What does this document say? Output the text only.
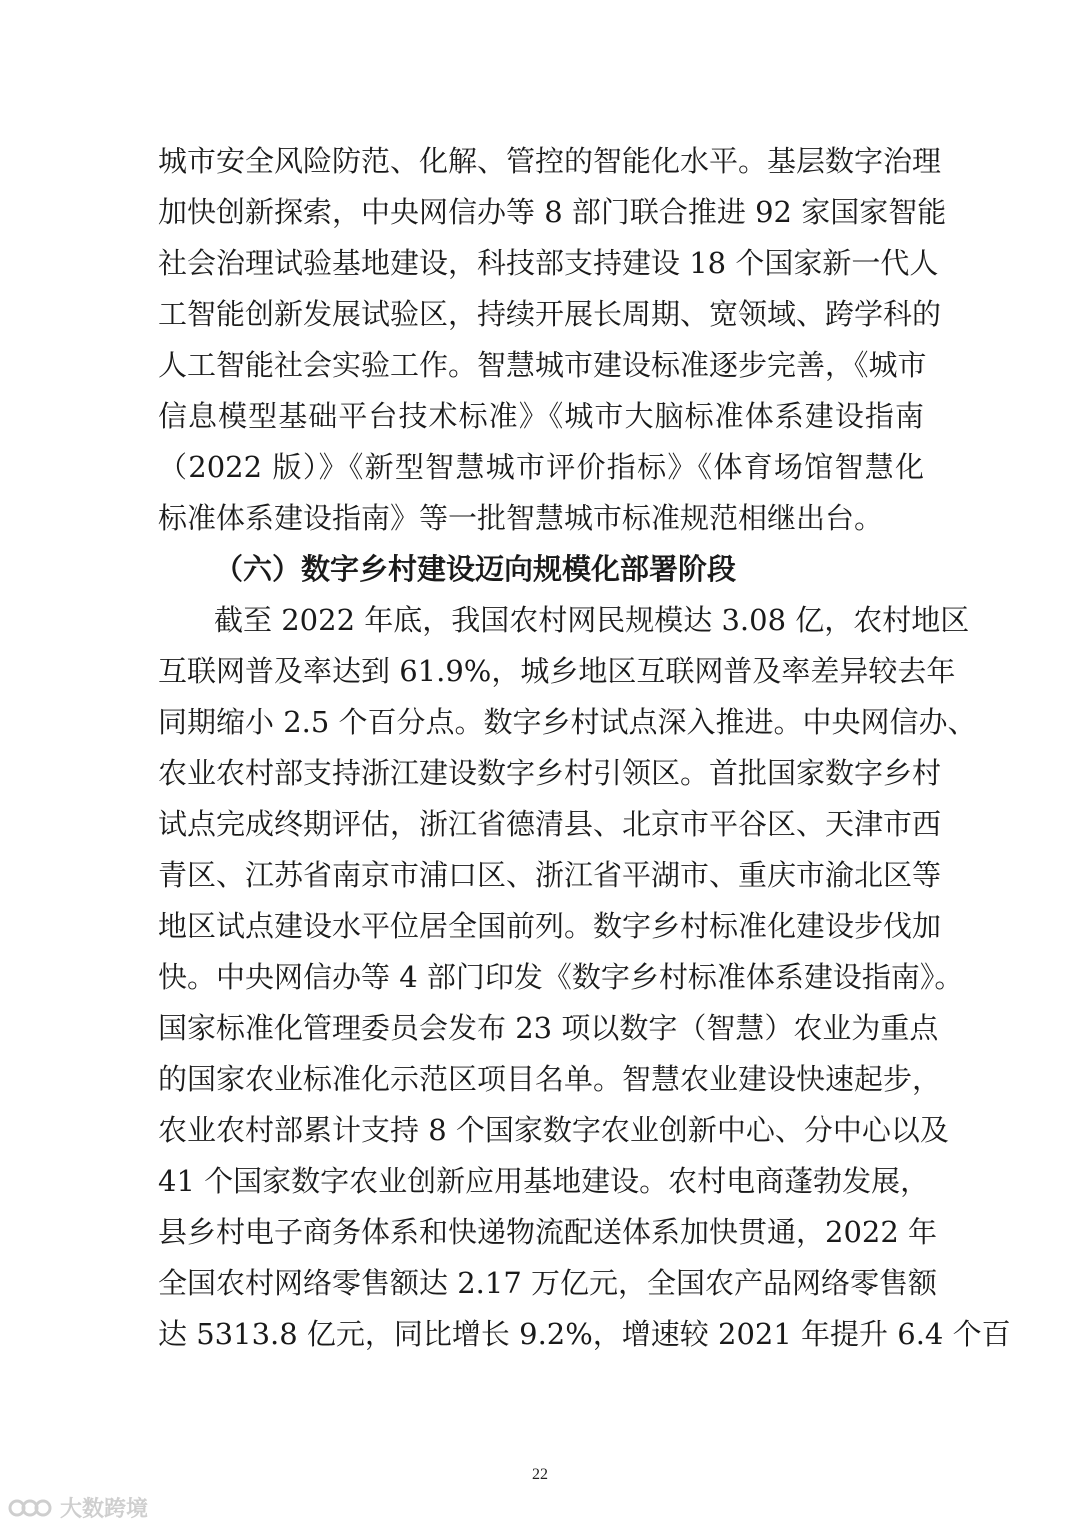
城市安全风险防范、化解、管控的智能化水平。基层数字治理
加快创新探索，中央网信办等 8 部门联合推进 92 家国家智能
社会治理试验基地建设，科技部支持建设 18 个国家新一代人
工智能创新发展试验区，持续开展长周期、宽领域、跨学科的
人工智能社会实验工作。智慧城市建设标准逐步完善，《城市
信息模型基础平台技术标准》《城市大脑标准体系建设指南
（2022 版）》《新型智慧城市评价指标》《体育场馆智慧化
标准体系建设指南》等一批智慧城市标准规范相继出台。
（六）数字乡村建设迈向规模化部署阶段
截至 2022 年底，我国农村网民规模达 3.08 亿，农村地区
互联网普及率达到 61.9%，城乡地区互联网普及率差异较去年
同期缩小 2.5 个百分点。数字乡村试点深入推进。中央网信办、
农业农村部支持浙江建设数字乡村引领区。首批国家数字乡村
试点完成终期评估，浙江省德清县、北京市平谷区、天津市西
青区、江苏省南京市浦口区、浙江省平湖市、重庆市渝北区等
地区试点建设水平位居全国前列。数字乡村标准化建设步伐加
快。中央网信办等 4 部门印发《数字乡村标准体系建设指南》。
国家标准化管理委员会发布 23 项以数字（智慧）农业为重点
的国家农业标准化示范区项目名单。智慧农业建设快速起步，
农业农村部累计支持 8 个国家数字农业创新中心、分中心以及
41 个国家数字农业创新应用基地建设。农村电商蓬勃发展，
县乡村电子商务体系和快递物流配送体系加快贯通，2022 年
全国农村网络零售额达 2.17 万亿元，全国农产品网络零售额
达 5313.8 亿元，同比增长 9.2%，增速较 2021 年提升 6.4 个百
22
大数跨境
